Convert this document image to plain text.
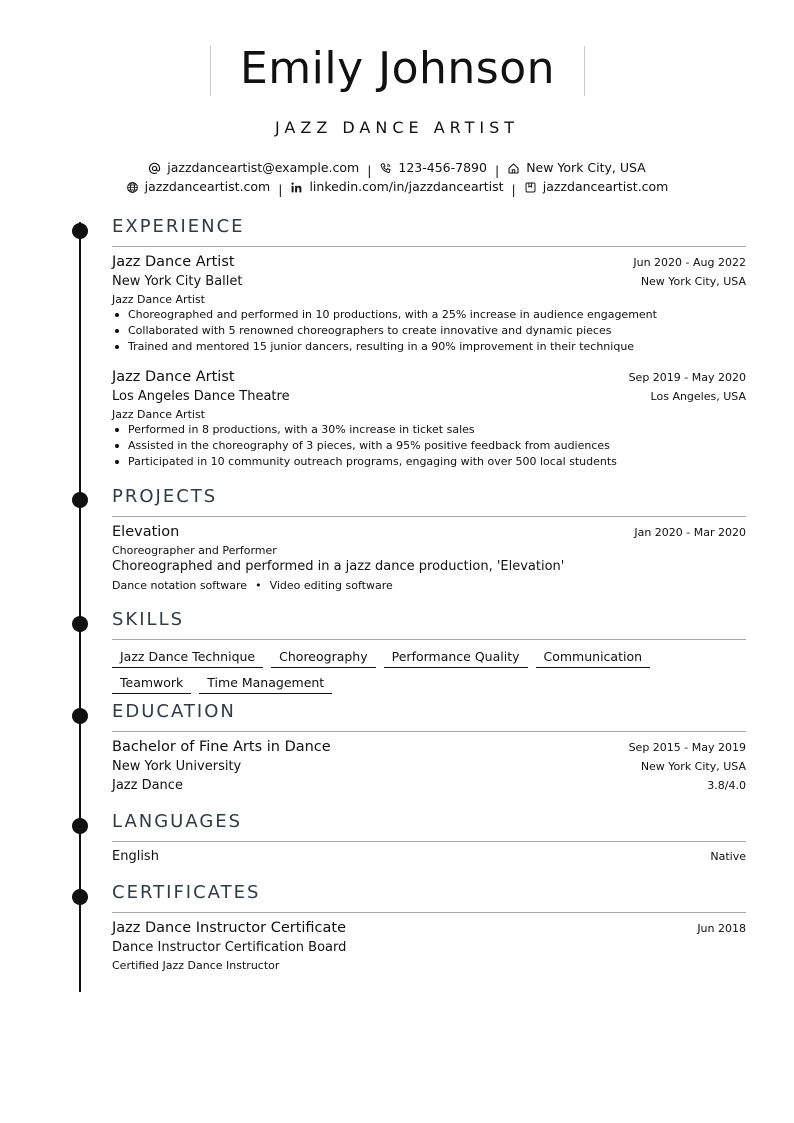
Emily Johnson
JAZZ DANCE ARTIST
jazzdanceartist@example.com | 123-456-7890 | New York City, USA
jazzdanceartist.com | linkedin.com/in/jazzdanceartist | jazzdanceartist.com
EXPERIENCE
Jazz Dance Artist	Jun 2020 - Aug 2022
New York City Ballet	New York City, USA
Jazz Dance Artist
Choreographed and performed in 10 productions, with a 25% increase in audience engagement
Collaborated with 5 renowned choreographers to create innovative and dynamic pieces
Trained and mentored 15 junior dancers, resulting in a 90% improvement in their technique
Jazz Dance Artist	Sep 2019 - May 2020
Los Angeles Dance Theatre	Los Angeles, USA
Jazz Dance Artist
Performed in 8 productions, with a 30% increase in ticket sales
Assisted in the choreography of 3 pieces, with a 95% positive feedback from audiences
Participated in 10 community outreach programs, engaging with over 500 local students
PROJECTS
Elevation	Jan 2020 - Mar 2020
Choreographer and Performer
Choreographed and performed in a jazz dance production, 'Elevation'
Dance notation software • Video editing software
SKILLS
Jazz Dance Technique Choreography Performance Quality Communication
Teamwork Time Management
EDUCATION
Bachelor of Fine Arts in Dance	Sep 2015 - May 2019
New York University	New York City, USA
Jazz Dance	3.8/4.0
LANGUAGES
English	Native
CERTIFICATES
Jazz Dance Instructor Certificate	Jun 2018
Dance Instructor Certification Board
Certified Jazz Dance Instructor
